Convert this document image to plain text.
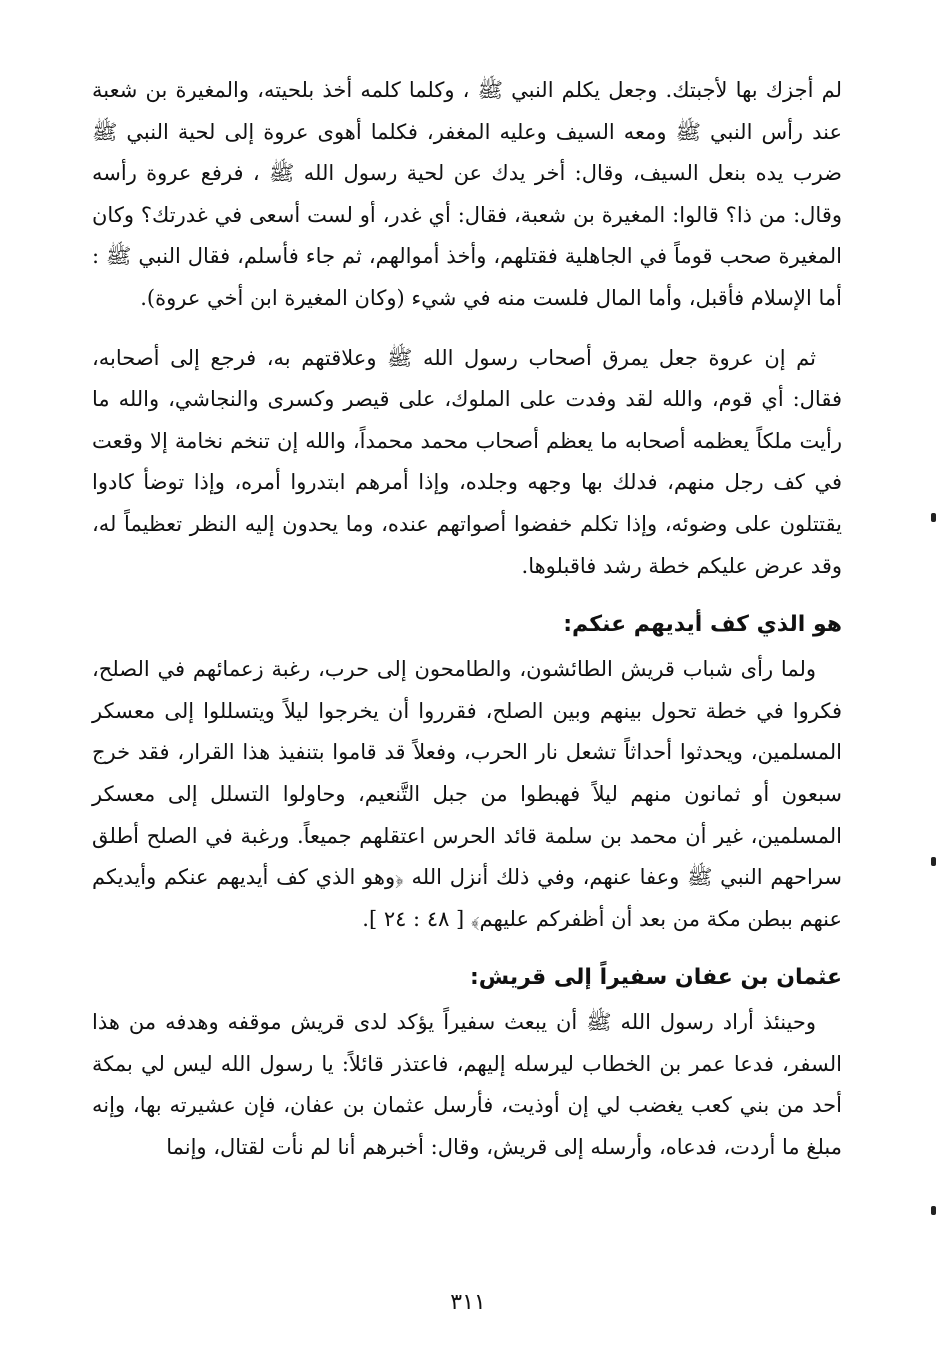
لم أجزك بها لأجبتك. وجعل يكلم النبي ﷺ ، وكلما كلمه أخذ بلحيته، والمغيرة بن شعبة عند رأس النبي ﷺ ومعه السيف وعليه المغفر، فكلما أهوى عروة إلى لحية النبي ﷺ ضرب يده بنعل السيف، وقال: أخر يدك عن لحية رسول الله ﷺ ، فرفع عروة رأسه وقال: من ذا؟ قالوا: المغيرة بن شعبة، فقال: أي غدر، أو لست أسعى في غدرتك؟ وكان المغيرة صحب قوماً في الجاهلية فقتلهم، وأخذ أموالهم، ثم جاء فأسلم، فقال النبي ﷺ : أما الإسلام فأقبل، وأما المال فلست منه في شيء (وكان المغيرة ابن أخي عروة).

ثم إن عروة جعل يمرق أصحاب رسول الله ﷺ وعلاقتهم به، فرجع إلى أصحابه، فقال: أي قوم، والله لقد وفدت على الملوك، على قيصر وكسرى والنجاشي، والله ما رأيت ملكاً يعظمه أصحابه ما يعظم أصحاب محمد محمداً، والله إن تنخم نخامة إلا وقعت في كف رجل منهم، فدلك بها وجهه وجلده، وإذا أمرهم ابتدروا أمره، وإذا توضأ كادوا يقتتلون على وضوئه، وإذا تكلم خفضوا أصواتهم عنده، وما يحدون إليه النظر تعظيماً له، وقد عرض عليكم خطة رشد فاقبلوها.

هو الذي كف أيديهم عنكم:

ولما رأى شباب قريش الطائشون، والطامحون إلى حرب، رغبة زعمائهم في الصلح، فكروا في خطة تحول بينهم وبين الصلح، فقرروا أن يخرجوا ليلاً ويتسللوا إلى معسكر المسلمين، ويحدثوا أحداثاً تشعل نار الحرب، وفعلاً قد قاموا بتنفيذ هذا القرار، فقد خرج سبعون أو ثمانون منهم ليلاً فهبطوا من جبل التَّنعيم، وحاولوا التسلل إلى معسكر المسلمين، غير أن محمد بن سلمة قائد الحرس اعتقلهم جميعاً. ورغبة في الصلح أطلق سراحهم النبي ﷺ وعفا عنهم، وفي ذلك أنزل الله ﴿وهو الذي كف أيديهم عنكم وأيديكم عنهم ببطن مكة من بعد أن أظفركم عليهم﴾ [ ٤٨ : ٢٤ ].

عثمان بن عفان سفيراً إلى قريش:

وحينئذ أراد رسول الله ﷺ أن يبعث سفيراً يؤكد لدى قريش موقفه وهدفه من هذا السفر، فدعا عمر بن الخطاب ليرسله إليهم، فاعتذر قائلاً: يا رسول الله ليس لي بمكة أحد من بني كعب يغضب لي إن أوذيت، فأرسل عثمان بن عفان، فإن عشيرته بها، وإنه مبلغ ما أردت، فدعاه، وأرسله إلى قريش، وقال: أخبرهم أنا لم نأت لقتال، وإنما

٣١١
